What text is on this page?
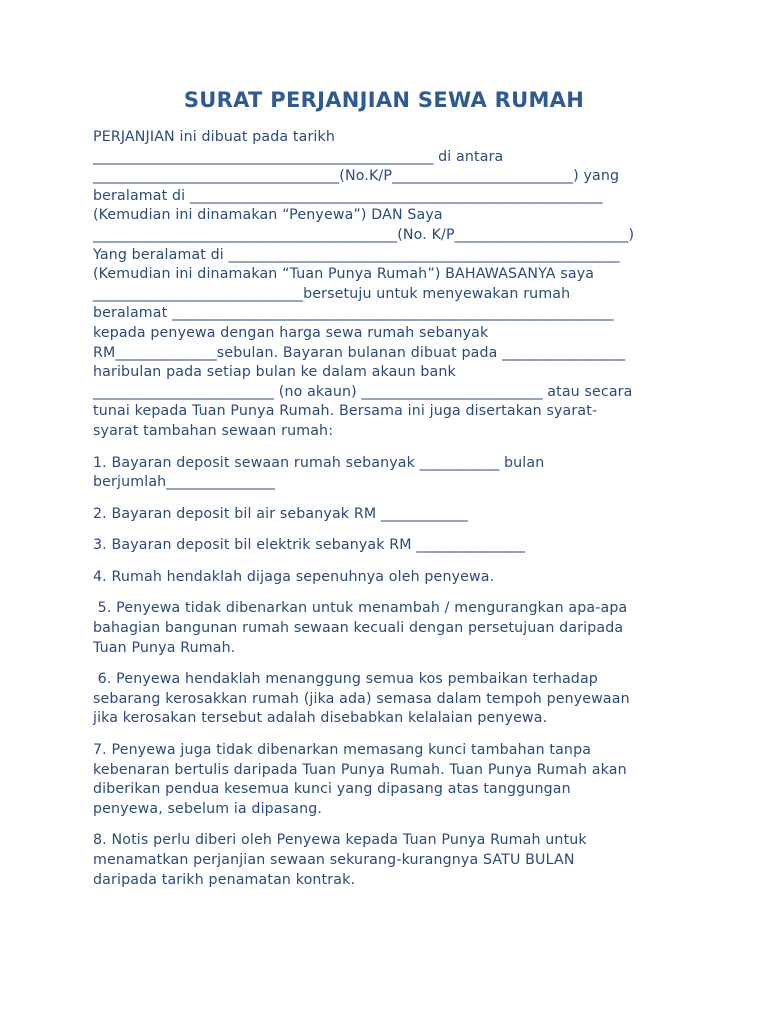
SURAT PERJANJIAN SEWA RUMAH

PERJANJIAN ini dibuat pada tarikh
_______________________________________________ di antara
__________________________________(No.K/P_________________________) yang
beralamat di _________________________________________________________
(Kemudian ini dinamakan “Penyewa”) DAN Saya
__________________________________________(No. K/P________________________)
Yang beralamat di ______________________________________________________
(Kemudian ini dinamakan “Tuan Punya Rumah”) BAHAWASANYA saya
_____________________________bersetuju untuk menyewakan rumah
beralamat _____________________________________________________________
kepada penyewa dengan harga sewa rumah sebanyak
RM______________sebulan. Bayaran bulanan dibuat pada _________________
haribulan pada setiap bulan ke dalam akaun bank
_________________________ (no akaun) _________________________ atau secara
tunai kepada Tuan Punya Rumah. Bersama ini juga disertakan syarat-
syarat tambahan sewaan rumah:

1. Bayaran deposit sewaan rumah sebanyak ___________ bulan
berjumlah_______________

2. Bayaran deposit bil air sebanyak RM ____________

3. Bayaran deposit bil elektrik sebanyak RM _______________

4. Rumah hendaklah dijaga sepenuhnya oleh penyewa.

5. Penyewa tidak dibenarkan untuk menambah / mengurangkan apa-apa
bahagian bangunan rumah sewaan kecuali dengan persetujuan daripada
Tuan Punya Rumah.

6. Penyewa hendaklah menanggung semua kos pembaikan terhadap
sebarang kerosakkan rumah (jika ada) semasa dalam tempoh penyewaan
jika kerosakan tersebut adalah disebabkan kelalaian penyewa.

7. Penyewa juga tidak dibenarkan memasang kunci tambahan tanpa
kebenaran bertulis daripada Tuan Punya Rumah. Tuan Punya Rumah akan
diberikan pendua kesemua kunci yang dipasang atas tanggungan
penyewa, sebelum ia dipasang.

8. Notis perlu diberi oleh Penyewa kepada Tuan Punya Rumah untuk
menamatkan perjanjian sewaan sekurang-kurangnya SATU BULAN
daripada tarikh penamatan kontrak.
